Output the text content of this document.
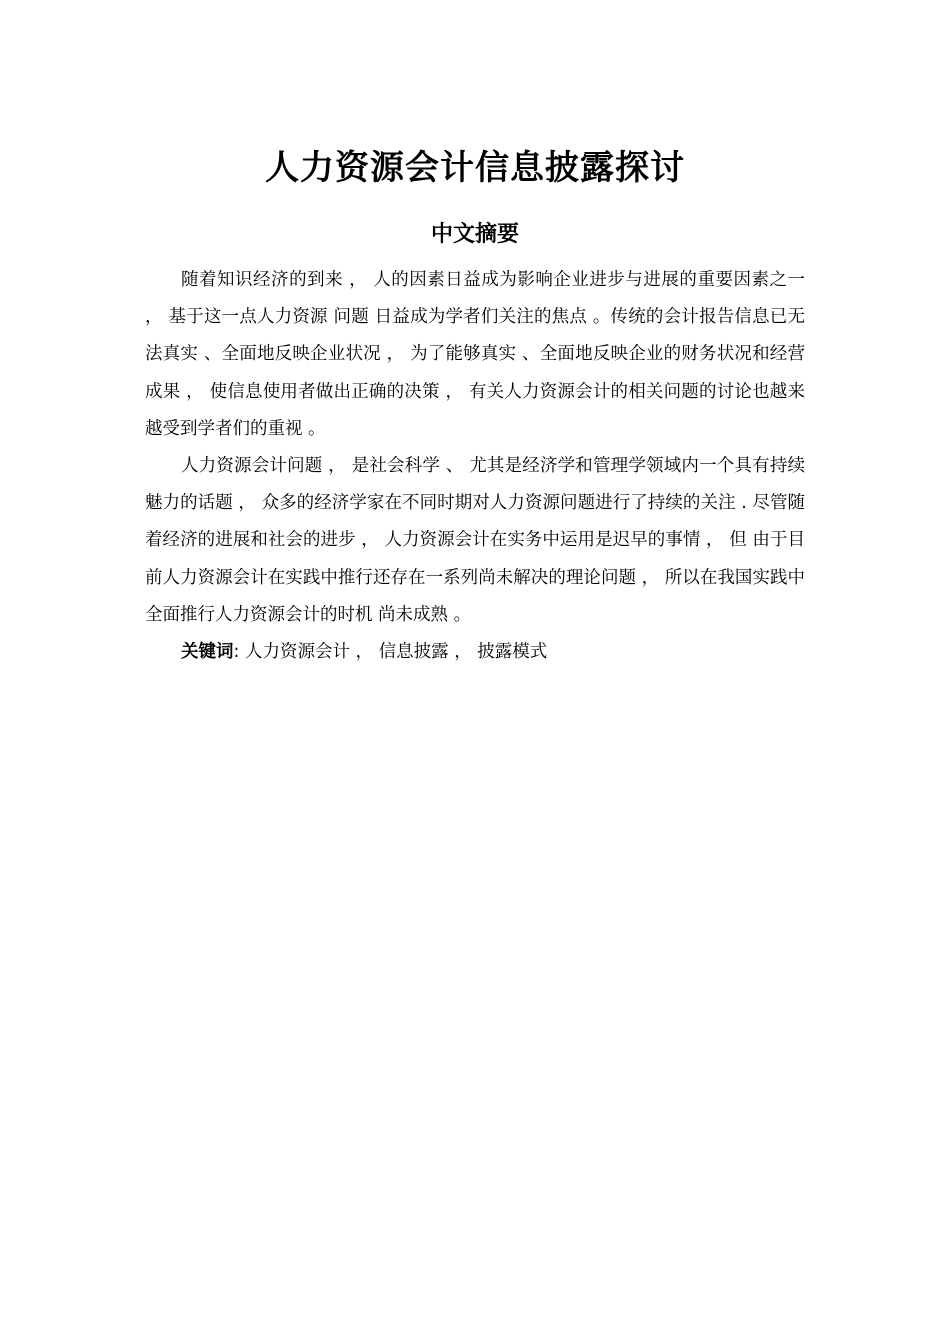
人力资源会计信息披露探讨
中文摘要

随着知识经济的到来 ， 人的因素日益成为影响企业进步与进展的重要因素之一 ， 基于这一点人力资源 问题 日益成为学者们关注的焦点 。传统的会计报告信息已无法真实 、全面地反映企业状况 ， 为了能够真实 、全面地反映企业的财务状况和经营成果 ， 使信息使用者做出正确的决策 ， 有关人力资源会计的相关问题的讨论也越来越受到学者们的重视 。

人力资源会计问题 ， 是社会科学 、 尤其是经济学和管理学领域内一个具有持续魅力的话题 ， 众多的经济学家在不同时期对人力资源问题进行了持续的关注 . 尽管随着经济的进展和社会的进步 ， 人力资源会计在实务中运用是迟早的事情 ， 但 由于目前人力资源会计在实践中推行还存在一系列尚未解决的理论问题 ， 所以在我国实践中全面推行人力资源会计的时机 尚未成熟 。

关键词: 人力资源会计 ， 信息披露 ， 披露模式
